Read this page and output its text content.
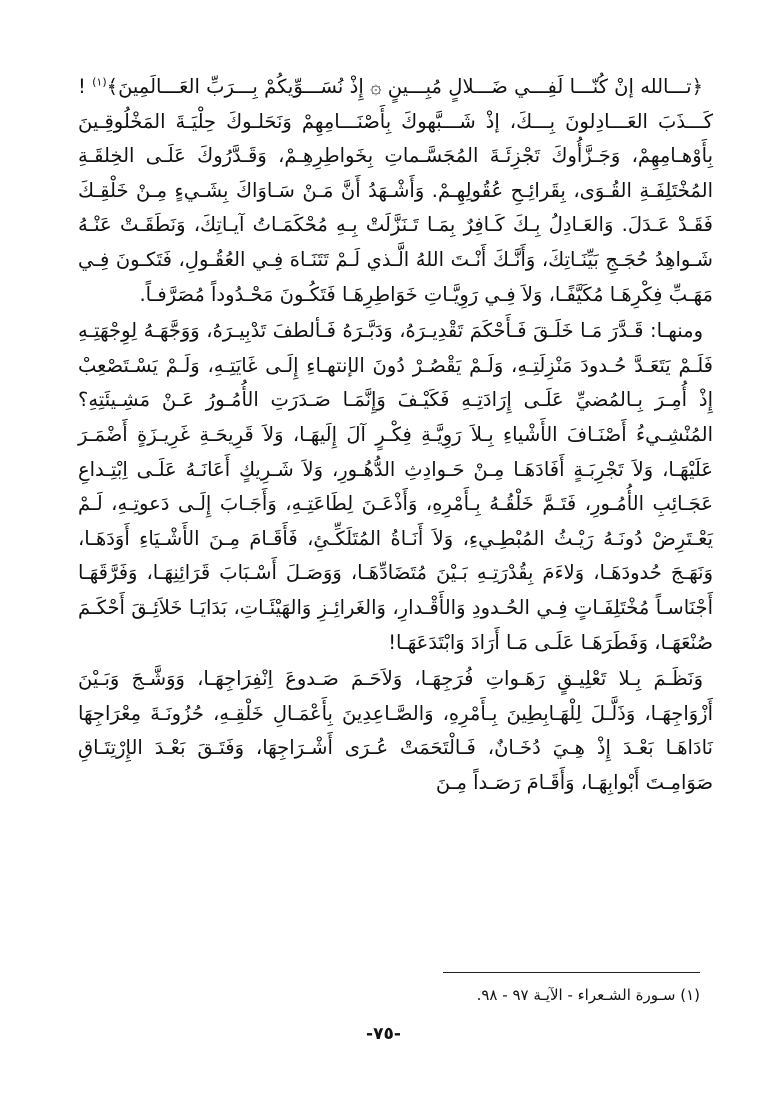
﴿تـــالله إنْ كُنّـــا لَفِـــي ضَـــلالٍ مُبِـــينٍ ۞ إِذْ نُسَـــوِّيكُمْ بِـــرَبِّ العَـــالَمِينَ﴾$^{(١)}$ ! كَـــذَبَ العَـــادِلونَ بِـــكَ، إذْ شَـــبَّهوكَ بِأَصْنَـــامِهِمْ وَنَحَلـوكَ حِلْيَـةَ المَخْلُوقِـينَ بِأَوْهـامِهِمْ، وَجَـزَّأُوكَ تَجْزِئَـةَ المُجَسَّـماتِ بِخَواطِرِهِـمْ، وَقَـدَّرُوكَ عَلَـى الخِلقَـةِ المُخْتَلِفَـةِ القُـوَى، بِقَرائِـحِ عُقُولِهِـمْ. وَأَشْـهَدُ أَنَّ مَـنْ سَـاوَاكَ بِشَـيءٍ مِـنْ خَلْقِـكَ فَقَـدْ عَـدَلَ. وَالعَـادِلُ بِـكَ كَـافِرٌ بِمَـا تَـنَزَّلَتْ بِـهِ مُحْكَمَـاتُ آيـاتِكَ، وَنَطَقَـتْ عَنْـهُ شَـواهِدُ حُجَـجِ بَيِّنَـاتِكَ، وَأَنَّـكَ أَنْـتَ اللهُ الَّـذي لَـمْ تَتَنَـاهَ فِـي العُقُـولِ، فَتَكـونَ فِـي مَهَـبِّ فِكْرِهَـا مُكَيَّفًـا، وَلاَ فِـي رَوِيَّـاتِ خَوَاطِرِهَـا فَتَكُـونَ مَحْـدُوداً مُصَرَّفـاً.

ومنهـا: قَـدَّرَ مَـا خَلَـقَ فَـأَحْكَمَ تَقْدِيـرَهُ، وَدَبَّـرَهُ فَـألطفَ تَدْبِيـرَهُ، وَوَجَّهَـهُ لِوِجْهَتِـهِ فَلَـمْ يَتَعَـدَّ حُـدودَ مَنْزِلَتِـهِ، وَلَـمْ يَقْصُـرْ دُونَ الإنتهـاءِ إِلَـى غَايَتِـهِ، وَلَـمْ يَسْـتَصْعِبْ إِذْ أُمِـرَ بِـالمُضيِّ عَلَـى إِرَادَتِـهِ فَكَيْـفَ وَإِنَّمَـا صَـدَرَتِ الأُمُـورُ عَـنْ مَشِـيئَتِهِ؟ المُنْشِـيءُ أَصْنَـافَ الأَشْياءِ بِـلاَ رَوِيَّـةِ فِكْـرٍ آلَ إِلَيهَـا، وَلاَ قَرِيحَـةِ غَرِيـزَةٍ أَضْمَـرَ عَلَيْهَـا، وَلاَ تَجْرِبَـةٍ أَفَادَهَـا مِـنْ حَـوادِثِ الدُّهُـورِ، وَلاَ شَـرِيكٍ أَعَانَـهُ عَلَـى اِبْتِـداعِ عَجَـائِبِ الأُمُـورِ، فَتَـمَّ خَلْقُـهُ بِـأَمْرِهِ، وَأَذْعَـنَ لِطَاعَتِـهِ، وَأَجَـابَ إِلَـى دَعوتِـهِ، لَـمْ يَعْـتَرِضْ دُونَـهُ رَيْـثُ المُبْطِـيءِ، وَلاَ أَنَـاةُ المُتَلَكِّـئِ، فَأَقَـامَ مِـنَ الأَشْـيَاءِ أَوَدَهَـا، وَنَهَـجَ حُدودَهَـا، وَلاءَمَ بِقُدْرَتِـهِ بَـيْنَ مُتَضَادِّهَـا، وَوَصَـلَ أَسْـبَابَ قَرَائِنِهَـا، وَفَرَّقَهَـا أَجْنَاسـاً مُخْتَلِفَـاتٍ فِـي الحُـدودِ وَالأَقْـدارِ، وَالغَرائِـزِ وَالهَيْئَـاتِ، بَدَايَـا خَلاَئِـقَ أَحْكَـمَ صُنْعَهَـا، وَفَطَرَهَـا عَلَـى مَـا أَرَادَ وَابْتَدَعَهَـا!

وَنَظَـمَ بِـلا تَعْلِيـقٍ رَهَـواتِ فُرَجِهَـا، وَلاَحَـمَ صَـدوعَ اِنْفِرَاجِهَـا، وَوَشَّـجَ وَبَـيْنَ أَزْوَاجِهَـا، وَذَلَّـلَ لِلْهَـابِطِينَ بِـأَمْرِهِ، وَالصَّـاعِدِينَ بِأَعْمَـالِ خَلْقِـهِ، حُزُونَـةَ مِعْرَاجِهَا نَادَاهَـا بَعْـدَ إِذْ هِـيَ دُخَـانٌ، فَـالْتَحَمَتْ عُـرَى أَشْـرَاجِهَا، وَفَتَـقَ بَعْـدَ الإِرْتِتَـاقِ صَوَامِـتَ أَبْوابِهَـا، وَأَقَـامَ رَصَـداً مِـنَ

(١) سـورة الشـعراء - الآيـة ٩٧ - ٩٨.
-٧٥-
